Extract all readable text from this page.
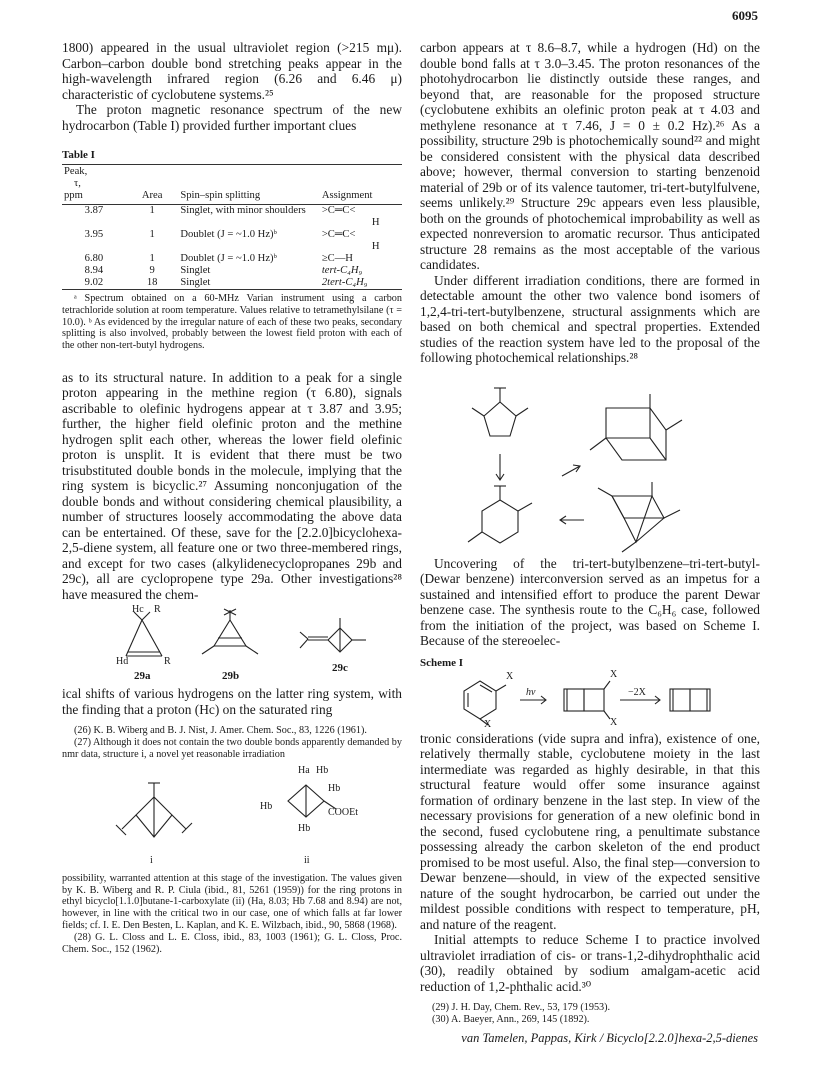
6095

1800) appeared in the usual ultraviolet region (>215 mμ). Carbon–carbon double bond stretching peaks appear in the high-wavelength infrared region (6.26 and 6.46 μ) characteristic of cyclobutene systems.²⁵

The proton magnetic resonance spectrum of the new hydrocarbon (Table I) provided further important clues

Table I
Peak,
τ,
ppm	Area	Spin–spin splitting	Assignment
3.87	1	Singlet, with minor shoulders	>C═C<
H
3.95	1	Doublet (J = ~1.0 Hz)ᵇ	>C═C<
H
6.80	1	Doublet (J = ~1.0 Hz)ᵇ	≥C—H
8.94	9	Singlet	tert-C₄H₉
9.02	18	Singlet	2tert-C₄H₉

ᵃ Spectrum obtained on a 60-MHz Varian instrument using a carbon tetrachloride solution at room temperature. Values relative to tetramethylsilane (τ = 10.0). ᵇ As evidenced by the irregular nature of each of these two peaks, secondary splitting is also involved, probably between the lowest field proton with each of the other non-tert-butyl hydrogens.

as to its structural nature. In addition to a peak for a single proton appearing in the methine region (τ 6.80), signals ascribable to olefinic hydrogens appear at τ 3.87 and 3.95; further, the higher field olefinic proton and the methine hydrogen split each other, whereas the lower field olefinic proton is unsplit. It is evident that there must be two trisubstituted double bonds in the molecule, implying that the ring system is bicyclic.²⁷ Assuming nonconjugation of the double bonds and without considering chemical plausibility, a number of structures loosely accommodating the above data can be entertained. Of these, save for the [2.2.0]bicyclohexa-2,5-diene system, all feature one or two three-membered rings, and except for two cases (alkylidenecyclopropanes 29b and 29c), all are cyclopropene type 29a. Other investigations²⁸ have measured the chem-

Hc R
Hd	R
29a	29b
29c

ical shifts of various hydrogens on the latter ring system, with the finding that a proton (Hc) on the saturated ring

(26) K. B. Wiberg and B. J. Nist, J. Amer. Chem. Soc., 83, 1226 (1961).

(27) Although it does not contain the two double bonds apparently demanded by nmr data, structure i, a novel yet reasonable irradiation

Ha Hb
Hb
Hb
Hb
COOEt
i	ii

possibility, warranted attention at this stage of the investigation. The values given by K. B. Wiberg and R. P. Ciula (ibid., 81, 5261 (1959)) for the ring protons in ethyl bicyclo[1.1.0]butane-1-carboxylate (ii) (Ha, 8.03; Hb 7.68 and 8.94) are not, however, in line with the critical two in our case, one of which falls at far lower fields; cf. I. E. Den Besten, L. Kaplan, and K. E. Wilzbach, ibid., 90, 5868 (1968).

(28) G. L. Closs and L. E. Closs, ibid., 83, 1003 (1961); G. L. Closs, Proc. Chem. Soc., 152 (1962).

carbon appears at τ 8.6–8.7, while a hydrogen (Hd) on the double bond falls at τ 3.0–3.45. The proton resonances of the photohydrocarbon lie distinctly outside these ranges, and beyond that, are reasonable for the proposed structure (cyclobutene exhibits an olefinic proton peak at τ 4.03 and methylene resonance at τ 7.46, J = 0 ± 0.2 Hz).²⁶ As a possibility, structure 29b is photochemically sound²² and might be considered consistent with the physical data described above; however, thermal conversion to starting benzenoid material of 29b or of its valence tautomer, tri-tert-butylfulvene, seems unlikely.²⁹ Structure 29c appears even less plausible, both on the grounds of photochemical improbability as well as expected nonreversion to aromatic recursor. Thus anticipated structure 28 remains as the most acceptable of the various candidates.

Under different irradiation conditions, there are formed in detectable amount the other two valence bond isomers of 1,2,4-tri-tert-butylbenzene, structural assignments which are based on both chemical and spectral properties. Extended studies of the reaction system have led to the proposal of the following photochemical relationships.²⁸

Uncovering of the tri-tert-butylbenzene–tri-tert-butyl-(Dewar benzene) interconversion served as an impetus for a sustained and intensified effort to produce the parent Dewar benzene case. The synthesis route to the C₆H₆ case, followed from the initiation of the project, was based on Scheme I. Because of the stereoelec-

Scheme I
X
X
X
X
hν	−2X

tronic considerations (vide supra and infra), existence of one, relatively thermally stable, cyclobutene moiety in the last intermediate was regarded as highly desirable, in that this structural feature would offer some insurance against formation of ordinary benzene in the last step. In view of the necessary provisions for generation of a new olefinic bond in the second, fused cyclobutene ring, a penultimate substance possessing already the carbon skeleton of the end product promised to be most useful. Also, the final step—conversion to Dewar benzene—should, in view of the expected sensitive nature of the sought hydrocarbon, be carried out under the mildest possible conditions with respect to temperature, pH, and nature of the reagent.

Initial attempts to reduce Scheme I to practice involved ultraviolet irradiation of cis- or trans-1,2-dihydrophthalic acid (30), readily obtained by sodium amalgam-acetic acid reduction of 1,2-phthalic acid.³⁰

(29) J. H. Day, Chem. Rev., 53, 179 (1953).

(30) A. Baeyer, Ann., 269, 145 (1892).

van Tamelen, Pappas, Kirk / Bicyclo[2.2.0]hexa-2,5-dienes
